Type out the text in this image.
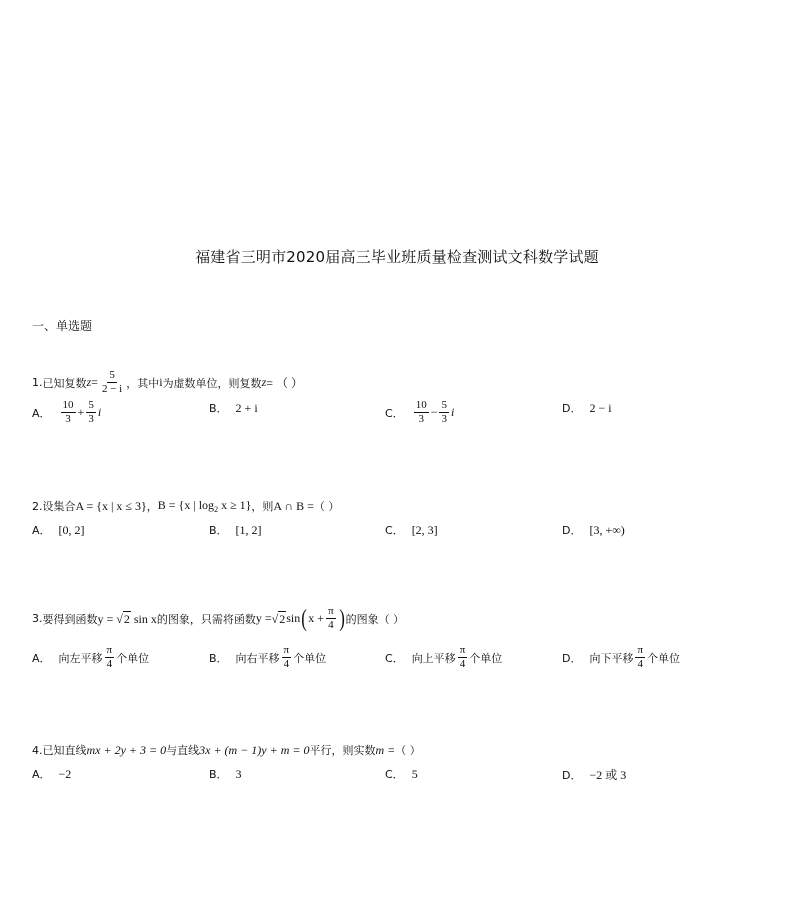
福建省三明市2020届高三毕业班质量检查测试文科数学试题
一、单选题
1. 已知复数 $z = \frac{5}{2 - i}$ ，其中 i 为虚数单位，则复数 z = （ ）
A． $\frac{10}{3} + \frac{5}{3}$ i	B． 2 + i	C． $\frac{10}{3} - \frac{5}{3}$ i	D． 2 − i
2. 设集合 A = {x | x ≤ 3} ， B = {x | $\log_2 x \ge 1$} ，则 A ∩ B = （ ）
A． [0, 2]	B． [1, 2]	C． [2, 3]	D． [3, +∞)
3. 要得到函数 y = √ 2 sin x 的图象，只需将函数 y = √ 2 sin ( $x + \frac{\pi}{4}$ ) 的图象（ ）
A． 向左平移 $\frac{\pi}{4}$ 个单位	B． 向右平移 $\frac{\pi}{4}$ 个单位	C． 向上平移 $\frac{\pi}{4}$ 个单位	D． 向下平移 $\frac{\pi}{4}$ 个单位
4. 已知直线 mx + 2y + 3 = 0 与直线 3x + (m − 1)y + m = 0 平行，则实数 m = （ ）
A． −2	B． 3	C． 5	D． −2 或 3
